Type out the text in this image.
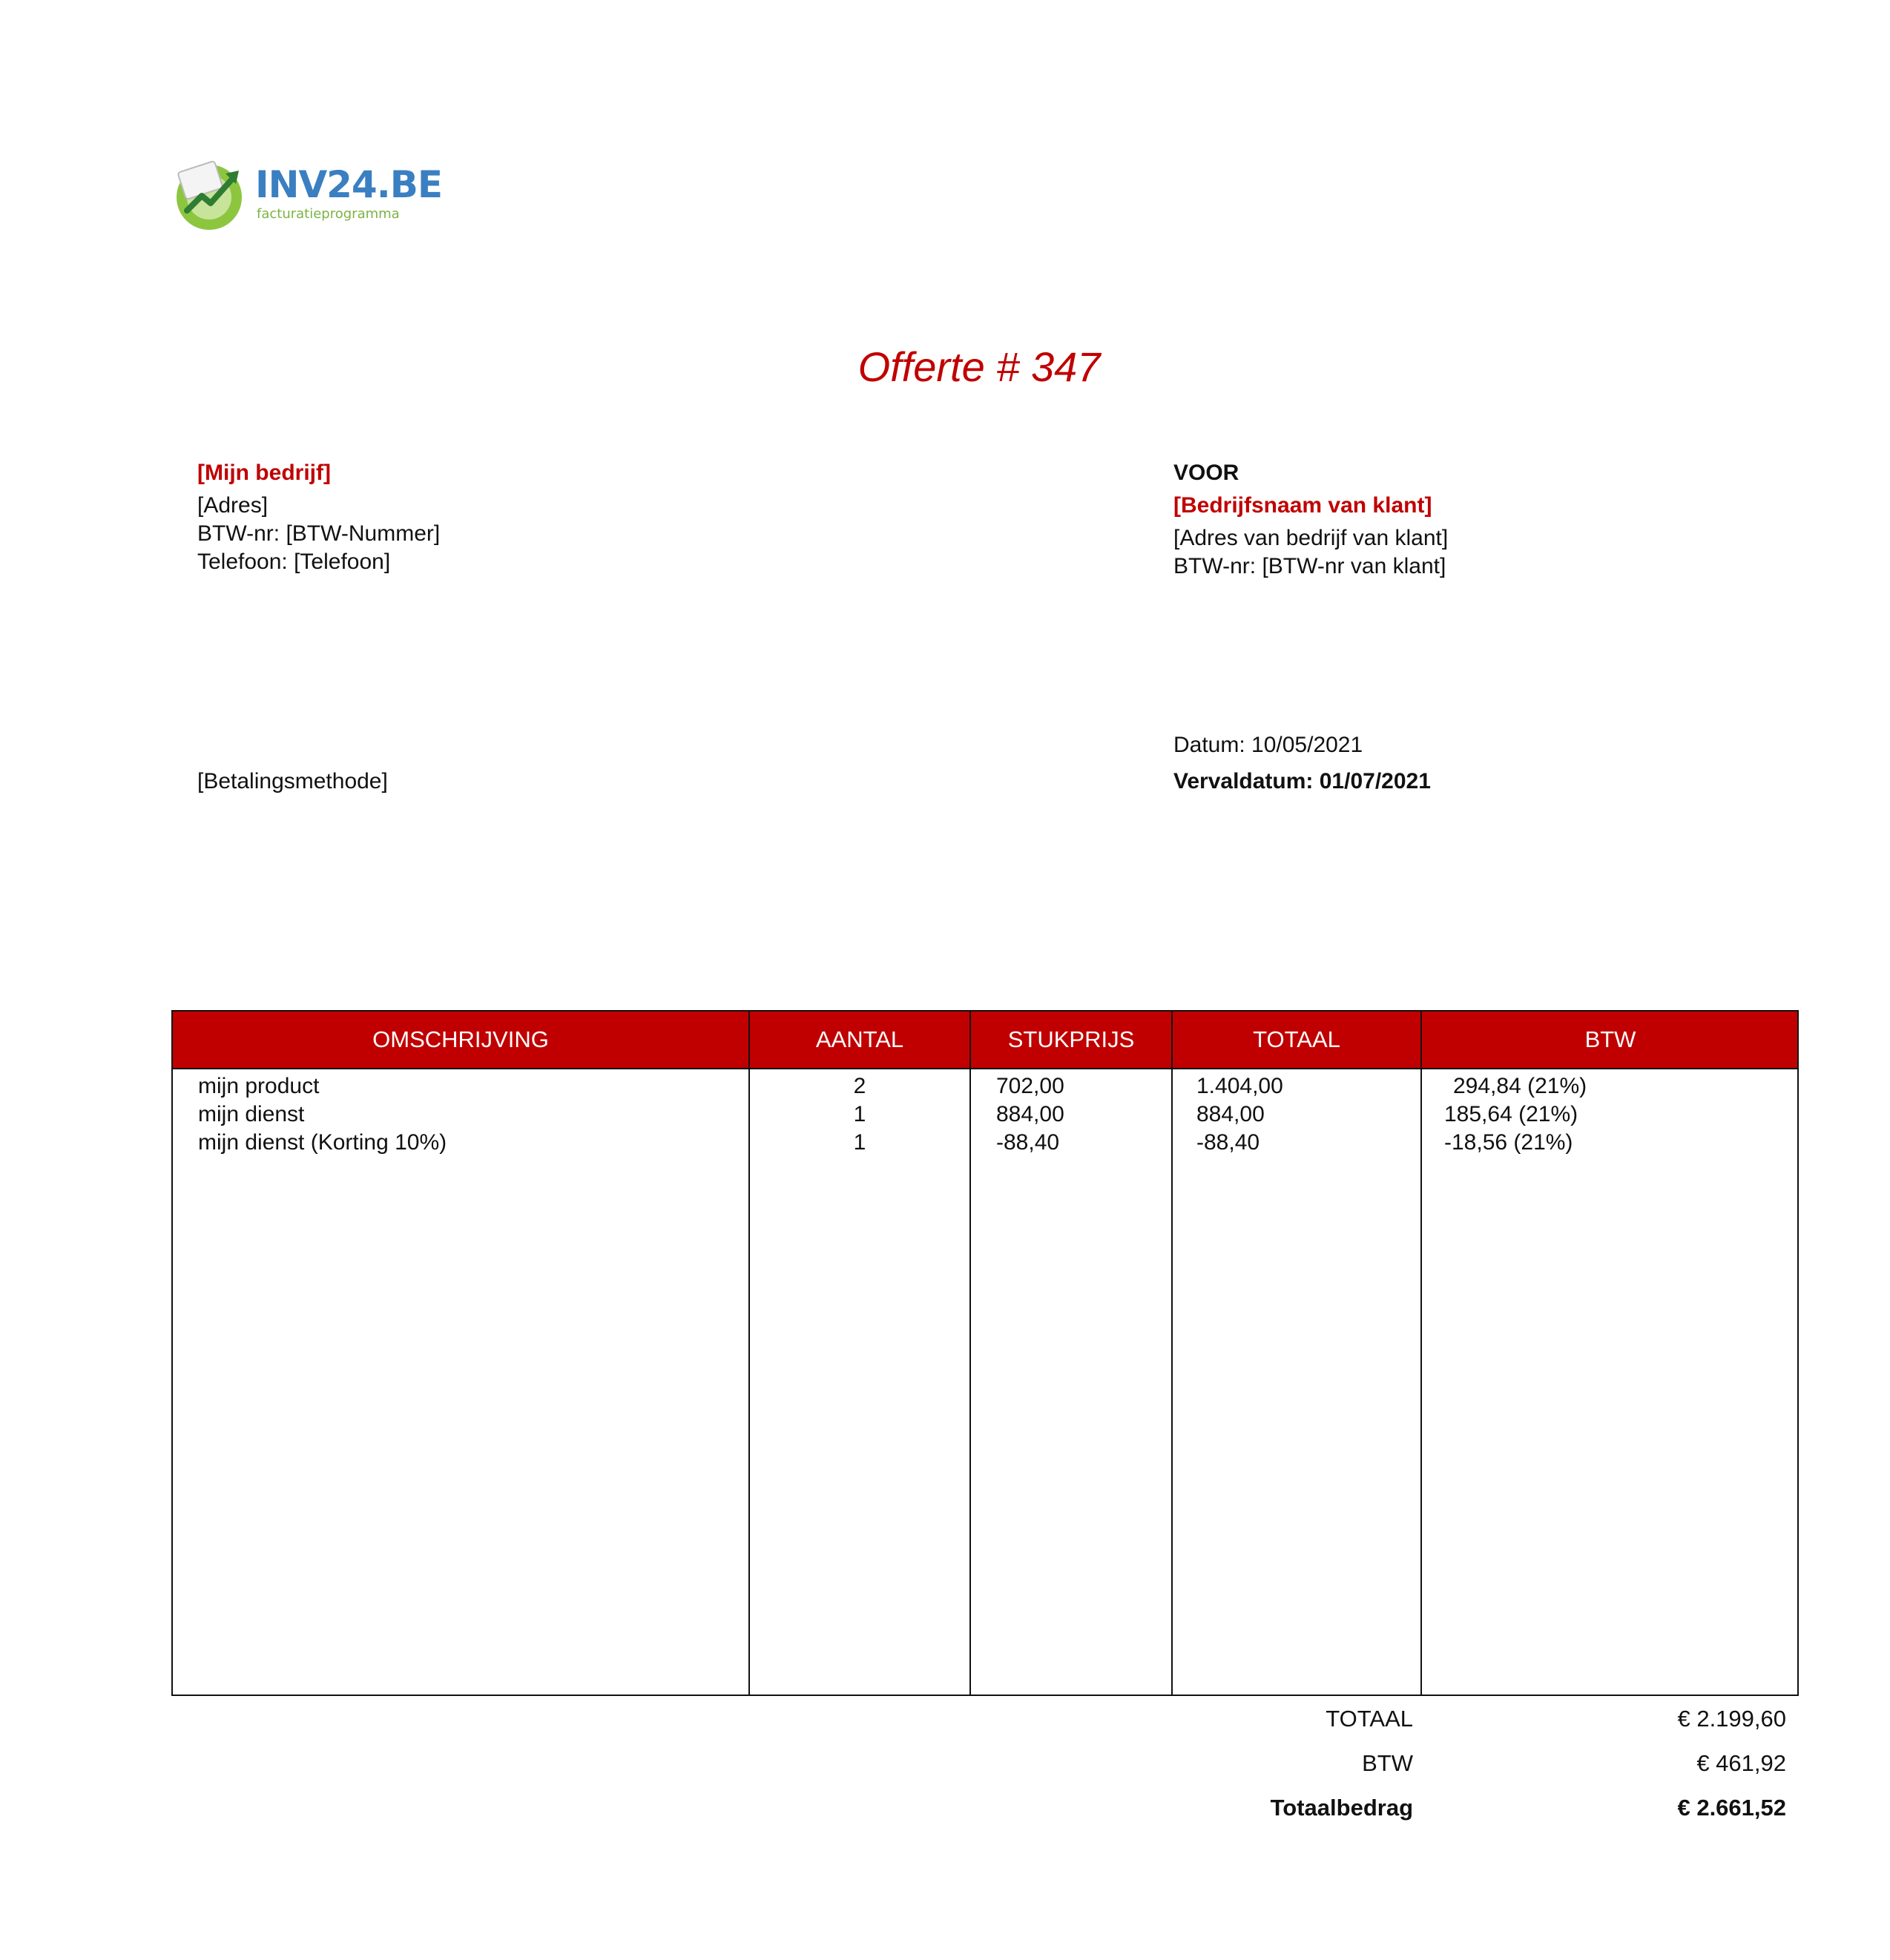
INV24.BE
facturatieprogramma
Offerte # 347
[Mijn bedrijf]
[Adres]
BTW-nr: [BTW-Nummer]
Telefoon: [Telefoon]
VOOR
[Bedrijfsnaam van klant]
[Adres van bedrijf van klant]
BTW-nr: [BTW-nr van klant]
[Betalingsmethode]
Datum: 10/05/2021
Vervaldatum: 01/07/2021
OMSCHRIJVING	AANTAL	STUKPRIJS	TOTAAL	BTW
mijn product	2	702,00	1.404,00	294,84 (21%)
mijn dienst	1	884,00	884,00	185,64 (21%)
mijn dienst (Korting 10%)	1	-88,40	-88,40	-18,56 (21%)
TOTAAL	€ 2.199,60
BTW	€ 461,92
Totaalbedrag	€ 2.661,52
